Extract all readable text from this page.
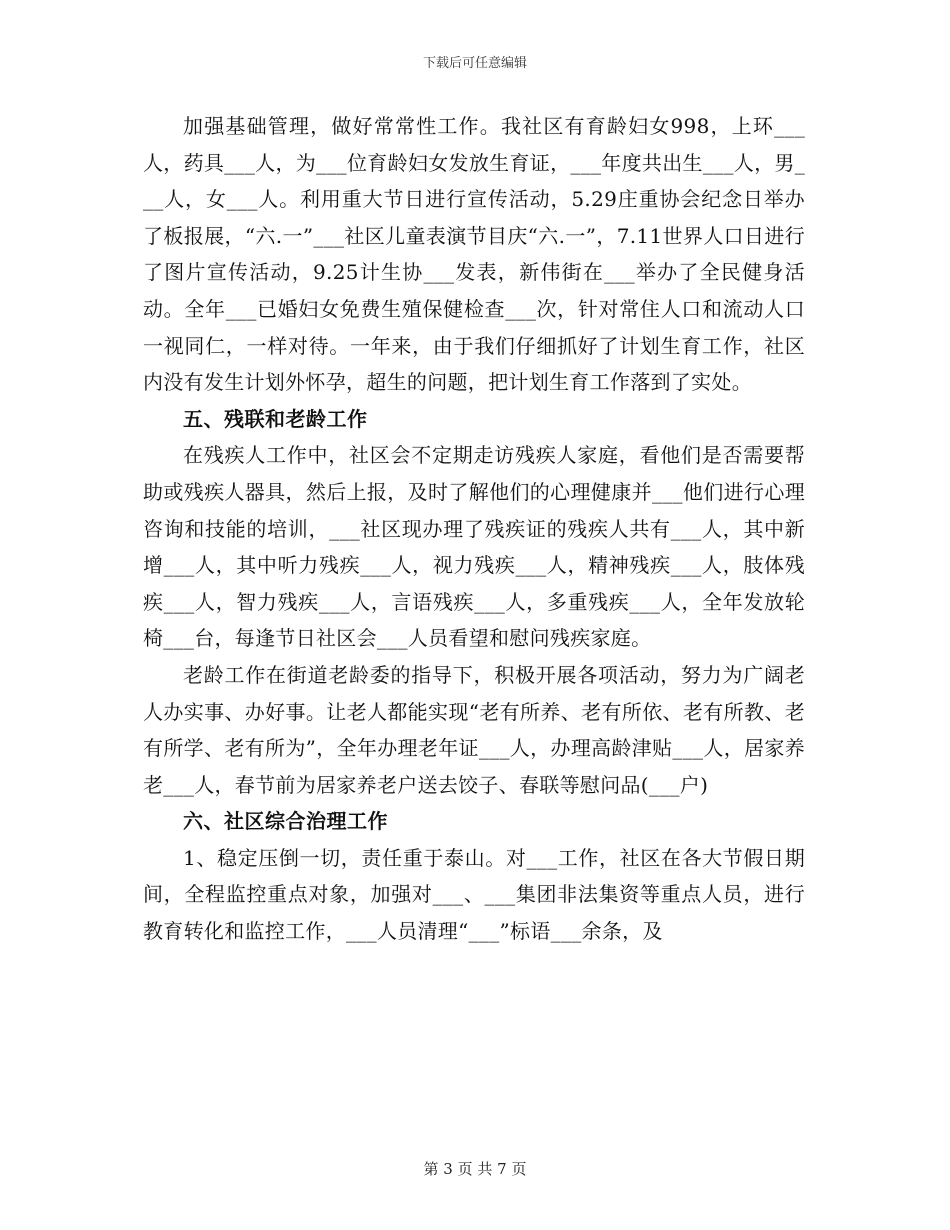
下载后可任意编辑

加强基础管理，做好常常性工作。我社区有育龄妇女998，上环___人，药具___人，为___位育龄妇女发放生育证，___年度共出生___人，男___人，女___人。利用重大节日进行宣传活动，5.29庄重协会纪念日举办了板报展，“六.一”___社区儿童表演节目庆“六.一”，7.11世界人口日进行了图片宣传活动，9.25计生协___发表，新伟街在___举办了全民健身活动。全年___已婚妇女免费生殖保健检查___次，针对常住人口和流动人口一视同仁，一样对待。一年来，由于我们仔细抓好了计划生育工作，社区内没有发生计划外怀孕，超生的问题，把计划生育工作落到了实处。

五、残联和老龄工作

在残疾人工作中，社区会不定期走访残疾人家庭，看他们是否需要帮助或残疾人器具，然后上报，及时了解他们的心理健康并___他们进行心理咨询和技能的培训，___社区现办理了残疾证的残疾人共有___人，其中新增___人，其中听力残疾___人，视力残疾___人，精神残疾___人，肢体残疾___人，智力残疾___人，言语残疾___人，多重残疾___人，全年发放轮椅___台，每逢节日社区会___人员看望和慰问残疾家庭。

老龄工作在街道老龄委的指导下，积极开展各项活动，努力为广阔老人办实事、办好事。让老人都能实现“老有所养、老有所依、老有所教、老有所学、老有所为”，全年办理老年证___人，办理高龄津贴___人，居家养老___人，春节前为居家养老户送去饺子、春联等慰问品(___户)

六、社区综合治理工作

1、稳定压倒一切，责任重于泰山。对___工作，社区在各大节假日期间，全程监控重点对象，加强对___、___集团非法集资等重点人员，进行教育转化和监控工作，___人员清理“___”标语___余条，及

第 3 页 共 7 页
